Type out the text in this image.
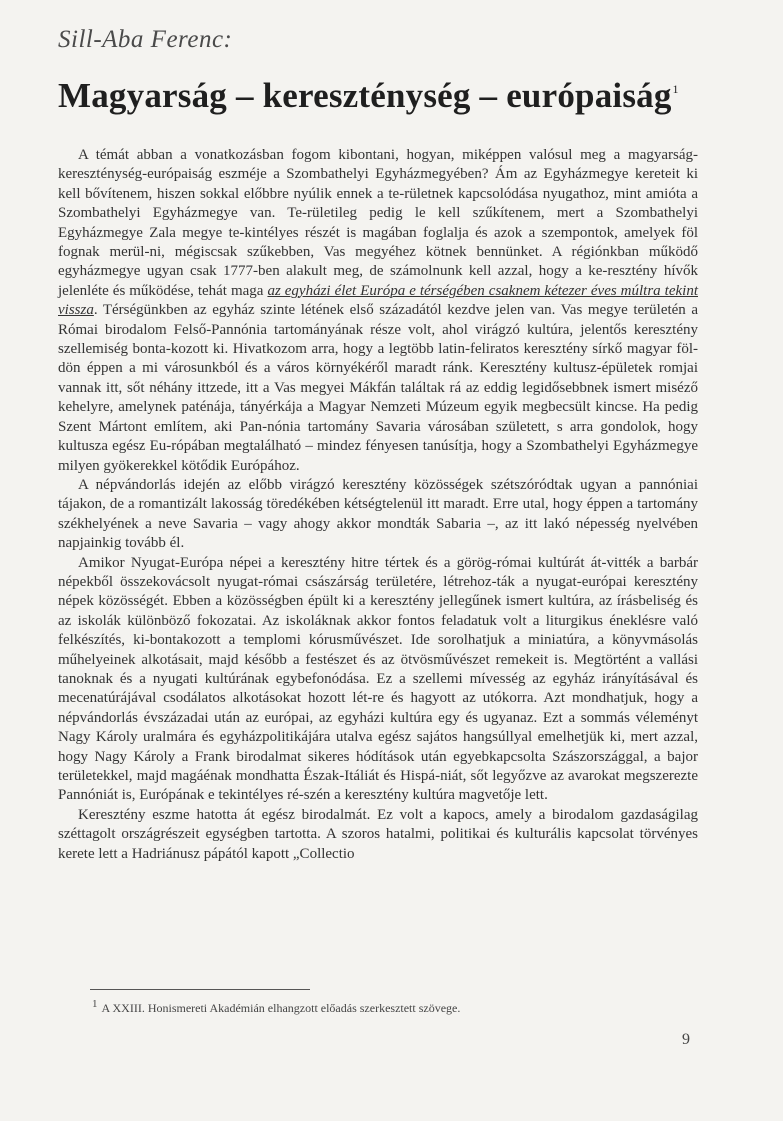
Sill-Aba Ferenc:
Magyarság – kereszténység – európaiság$^1$

A témát abban a vonatkozásban fogom kibontani, hogyan, miképpen valósul meg a magyarság-kereszténység-európaiság eszméje a Szombathelyi Egyházmegyében? Ám az Egyházmegye kereteit ki kell bővítenem, hiszen sokkal előbbre nyúlik ennek a te-rületnek kapcsolódása nyugathoz, mint amióta a Szombathelyi Egyházmegye van. Te-rületileg pedig le kell szűkítenem, mert a Szombathelyi Egyházmegye Zala megye te-kintélyes részét is magában foglalja és azok a szempontok, amelyek föl fognak merül-ni, mégiscsak szűkebben, Vas megyéhez kötnek bennünket. A régiónkban működő egyházmegye ugyan csak 1777-ben alakult meg, de számolnunk kell azzal, hogy a ke-resztény hívők jelenléte és működése, tehát maga az egyházi élet Európa e térségében csaknem kétezer éves múltra tekint vissza. Térségünkben az egyház szinte létének első századától kezdve jelen van. Vas megye területén a Római birodalom Felső-Pannónia tartományának része volt, ahol virágzó kultúra, jelentős keresztény szellemiség bonta-kozott ki. Hivatkozom arra, hogy a legtöbb latin-feliratos keresztény sírkő magyar föl-dön éppen a mi városunkból és a város környékéről maradt ránk. Keresztény kultusz-épületek romjai vannak itt, sőt néhány ittzede, itt a Vas megyei Mákfán találtak rá az eddig legidősebbnek ismert miséző kehelyre, amelynek paténája, tányérkája a Magyar Nemzeti Múzeum egyik megbecsült kincse. Ha pedig Szent Mártont említem, aki Pan-nónia tartomány Savaria városában született, s arra gondolok, hogy kultusza egész Eu-rópában megtalálható – mindez fényesen tanúsítja, hogy a Szombathelyi Egyházmegye milyen gyökerekkel kötődik Európához.

A népvándorlás idején az előbb virágzó keresztény közösségek szétszóródtak ugyan a pannóniai tájakon, de a romantizált lakosság töredékében kétségtelenül itt maradt. Erre utal, hogy éppen a tartomány székhelyének a neve Savaria – vagy ahogy akkor mondták Sabaria –, az itt lakó népesség nyelvében napjainkig tovább él.

Amikor Nyugat-Európa népei a keresztény hitre tértek és a görög-római kultúrát át-vitték a barbár népekből összekovácsolt nyugat-római császárság területére, létrehoz-ták a nyugat-európai keresztény népek közösségét. Ebben a közösségben épült ki a keresztény jellegűnek ismert kultúra, az írásbeliség és az iskolák különböző fokozatai. Az iskoláknak akkor fontos feladatuk volt a liturgikus éneklésre való felkészítés, ki-bontakozott a templomi kórusművészet. Ide sorolhatjuk a miniatúra, a könyvmásolás műhelyeinek alkotásait, majd később a festészet és az ötvösművészet remekeit is. Megtörtént a vallási tanoknak és a nyugati kultúrának egybefonódása. Ez a szellemi mívesség az egyház irányításával és mecenatúrájával csodálatos alkotásokat hozott lét-re és hagyott az utókorra. Azt mondhatjuk, hogy a népvándorlás évszázadai után az európai, az egyházi kultúra egy és ugyanaz. Ezt a sommás véleményt Nagy Károly uralmára és egyházpolitikájára utalva egész sajátos hangsúllyal emelhetjük ki, mert azzal, hogy Nagy Károly a Frank birodalmat sikeres hódítások után egyebkapcsolta Szászországgal, a bajor területekkel, majd magáénak mondhatta Észak-Itáliát és Hispá-niát, sőt legyőzve az avarokat megszerezte Pannóniát is, Európának e tekintélyes ré-szén a keresztény kultúra magvetője lett.

Keresztény eszme hatotta át egész birodalmát. Ez volt a kapocs, amely a birodalom gazdaságilag széttagolt országrészeit egységben tartotta. A szoros hatalmi, politikai és kulturális kapcsolat törvényes kerete lett a Hadriánusz pápától kapott „Collectio

$^1$ A XXIII. Honismereti Akadémián elhangzott előadás szerkesztett szövege.
9
